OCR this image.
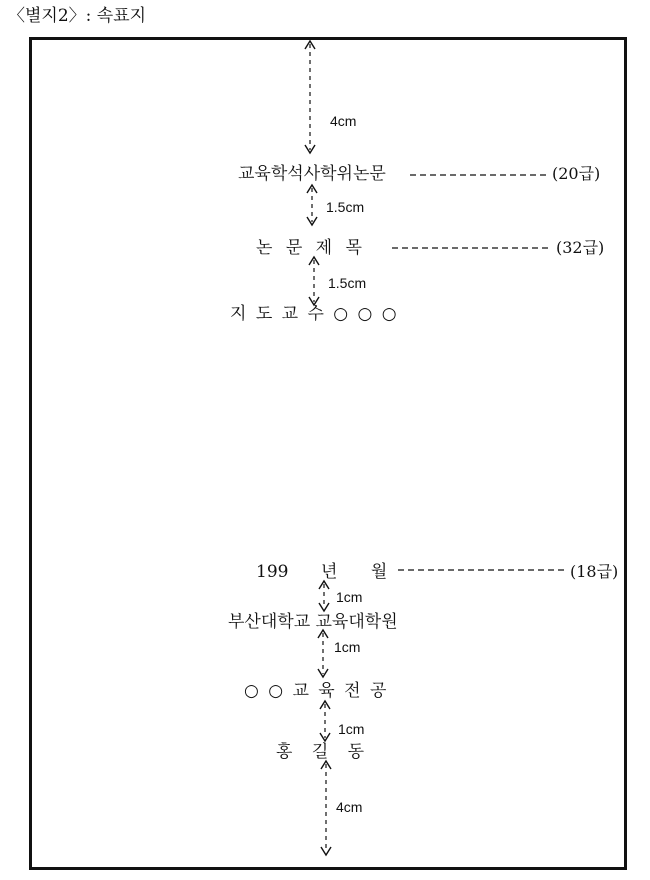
〈별지2〉: 속표지
4cm
교육학석사학위논문	(20급)
1.5cm
논 문 제 목	(32급)
1.5cm
지 도 교 수 ○ ○ ○
199 년 월	(18급)
1cm
부산대학교 교육대학원
1cm
○ ○ 교 육 전 공
1cm
홍 길 동
4cm
